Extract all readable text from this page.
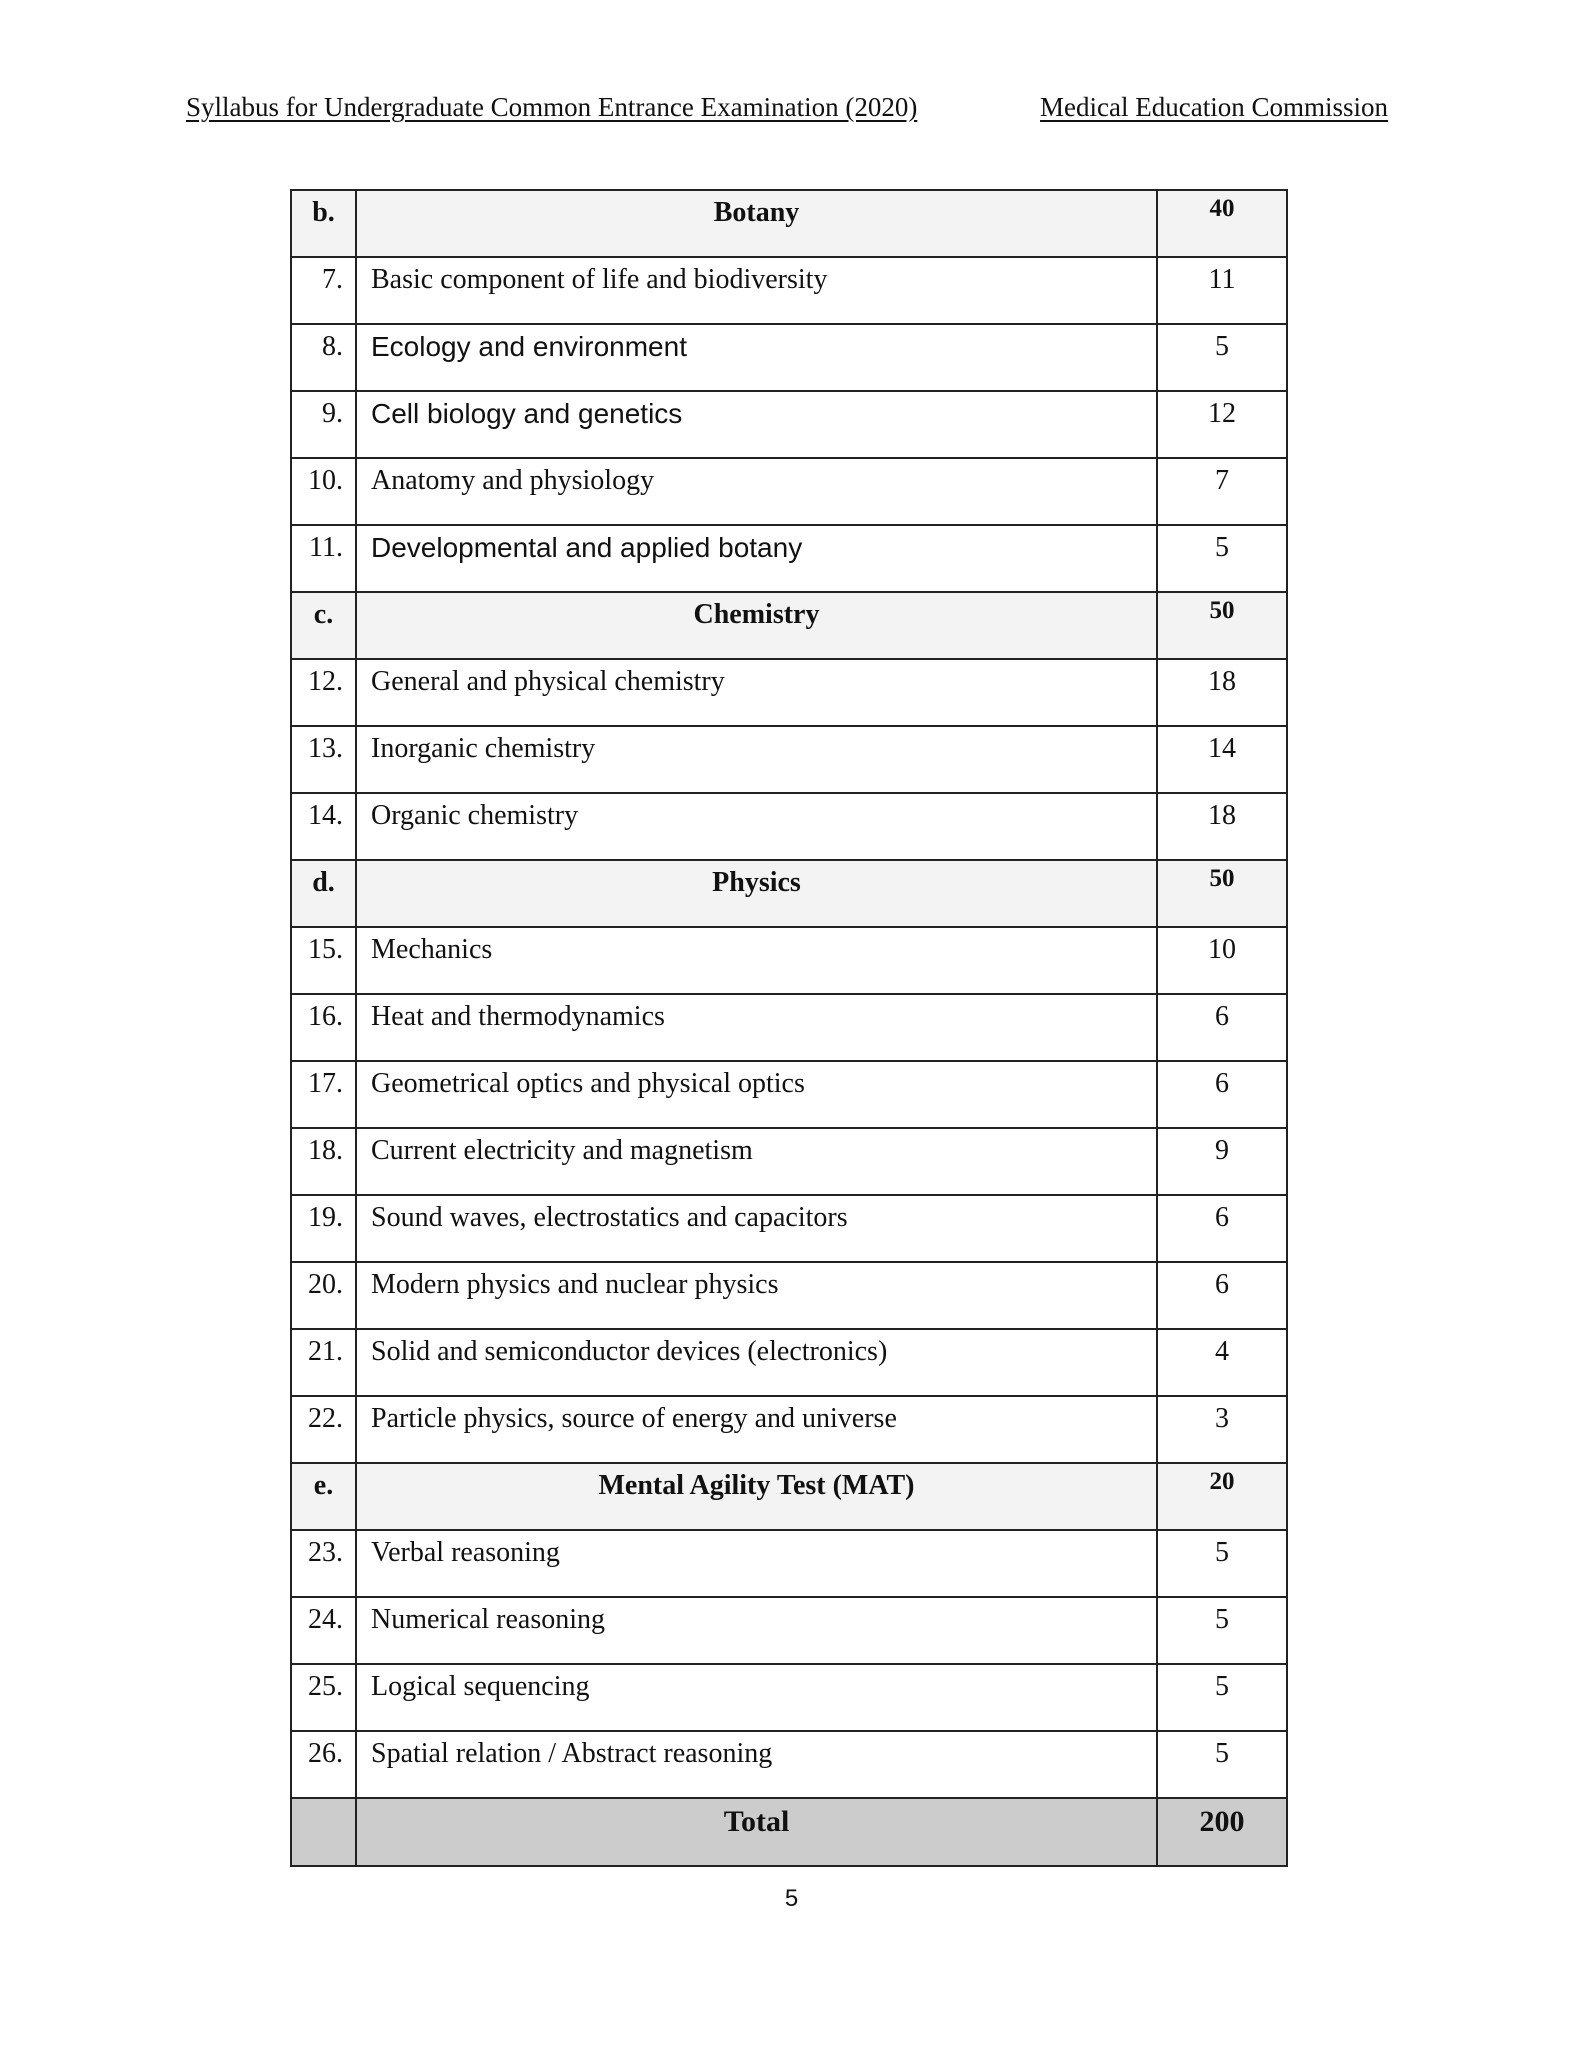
Syllabus for Undergraduate Common Entrance Examination (2020)	Medical Education Commission
b.	Botany	40
7.	Basic component of life and biodiversity	11
8.	Ecology and environment	5
9.	Cell biology and genetics	12
10.	Anatomy and physiology	7
11.	Developmental and applied botany	5
c.	Chemistry	50
12.	General and physical chemistry	18
13.	Inorganic chemistry	14
14.	Organic chemistry	18
d.	Physics	50
15.	Mechanics	10
16.	Heat and thermodynamics	6
17.	Geometrical optics and physical optics	6
18.	Current electricity and magnetism	9
19.	Sound waves, electrostatics and capacitors	6
20.	Modern physics and nuclear physics	6
21.	Solid and semiconductor devices (electronics)	4
22.	Particle physics, source of energy and universe	3
e.	Mental Agility Test (MAT)	20
23.	Verbal reasoning	5
24.	Numerical reasoning	5
25.	Logical sequencing	5
26.	Spatial relation / Abstract reasoning	5
	Total	200
5
